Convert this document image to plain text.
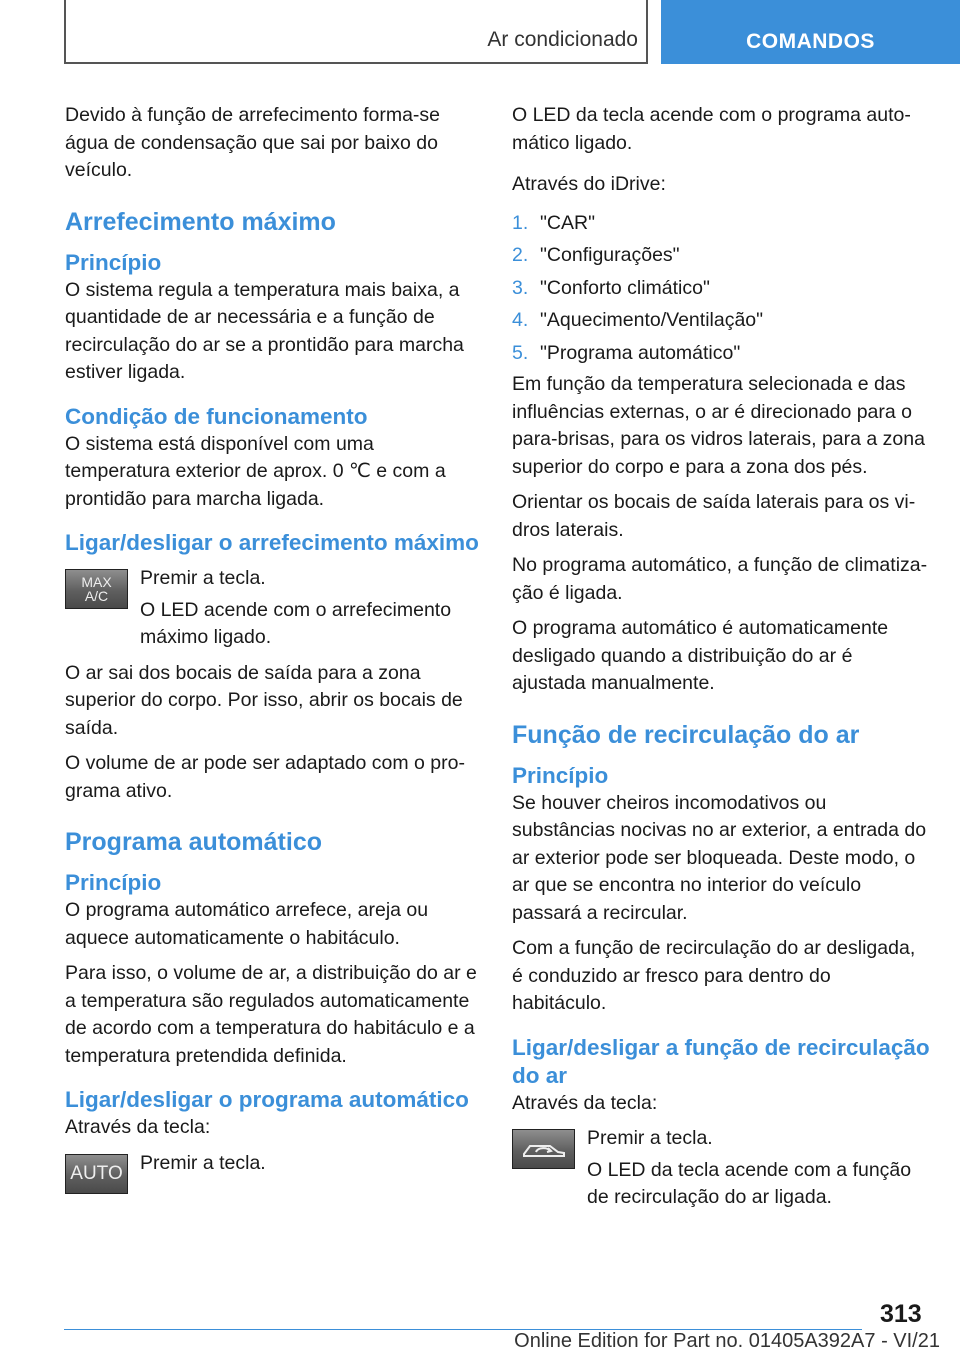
Ar condicionado	COMANDOS

Devido à função de arrefecimento forma-se água de condensação que sai por baixo do veículo.

Arrefecimento máximo
Princípio

O sistema regula a temperatura mais baixa, a quantidade de ar necessária e a função de recirculação do ar se a prontidão para marcha estiver ligada.

Condição de funcionamento

O sistema está disponível com uma temperatura exterior de aprox. 0 ℃ e com a prontidão para marcha ligada.

Ligar/desligar o arrefecimento máximo
MAX
A/C

Premir a tecla.

O LED acende com o arrefecimento máximo ligado.

O ar sai dos bocais de saída para a zona superior do corpo. Por isso, abrir os bocais de saída.

O volume de ar pode ser adaptado com o programa ativo.

Programa automático
Princípio

O programa automático arrefece, areja ou aquece automaticamente o habitáculo.

Para isso, o volume de ar, a distribuição do ar e a temperatura são regulados automaticamente de acordo com a temperatura do habitáculo e a temperatura pretendida definida.

Ligar/desligar o programa automático

Através da tecla:

AUTO Premir a tecla.

O LED da tecla acende com o programa automático ligado.

Através do iDrive:

1. "CAR"
2. "Configurações"
3. "Conforto climático"
4. "Aquecimento/Ventilação"
5. "Programa automático"

Em função da temperatura selecionada e das influências externas, o ar é direcionado para o para-brisas, para os vidros laterais, para a zona superior do corpo e para a zona dos pés.

Orientar os bocais de saída laterais para os vidros laterais.

No programa automático, a função de climatização é ligada.

O programa automático é automaticamente desligado quando a distribuição do ar é ajustada manualmente.

Função de recirculação do ar
Princípio

Se houver cheiros incomodativos ou substâncias nocivas no ar exterior, a entrada do ar exterior pode ser bloqueada. Deste modo, o ar que se encontra no interior do veículo passará a recircular.

Com a função de recirculação do ar desligada, é conduzido ar fresco para dentro do habitáculo.

Ligar/desligar a função de recirculação do ar

Através da tecla:

Premir a tecla.

O LED da tecla acende com a função de recirculação do ar ligada.

313
Online Edition for Part no. 01405A392A7 - VI/21
